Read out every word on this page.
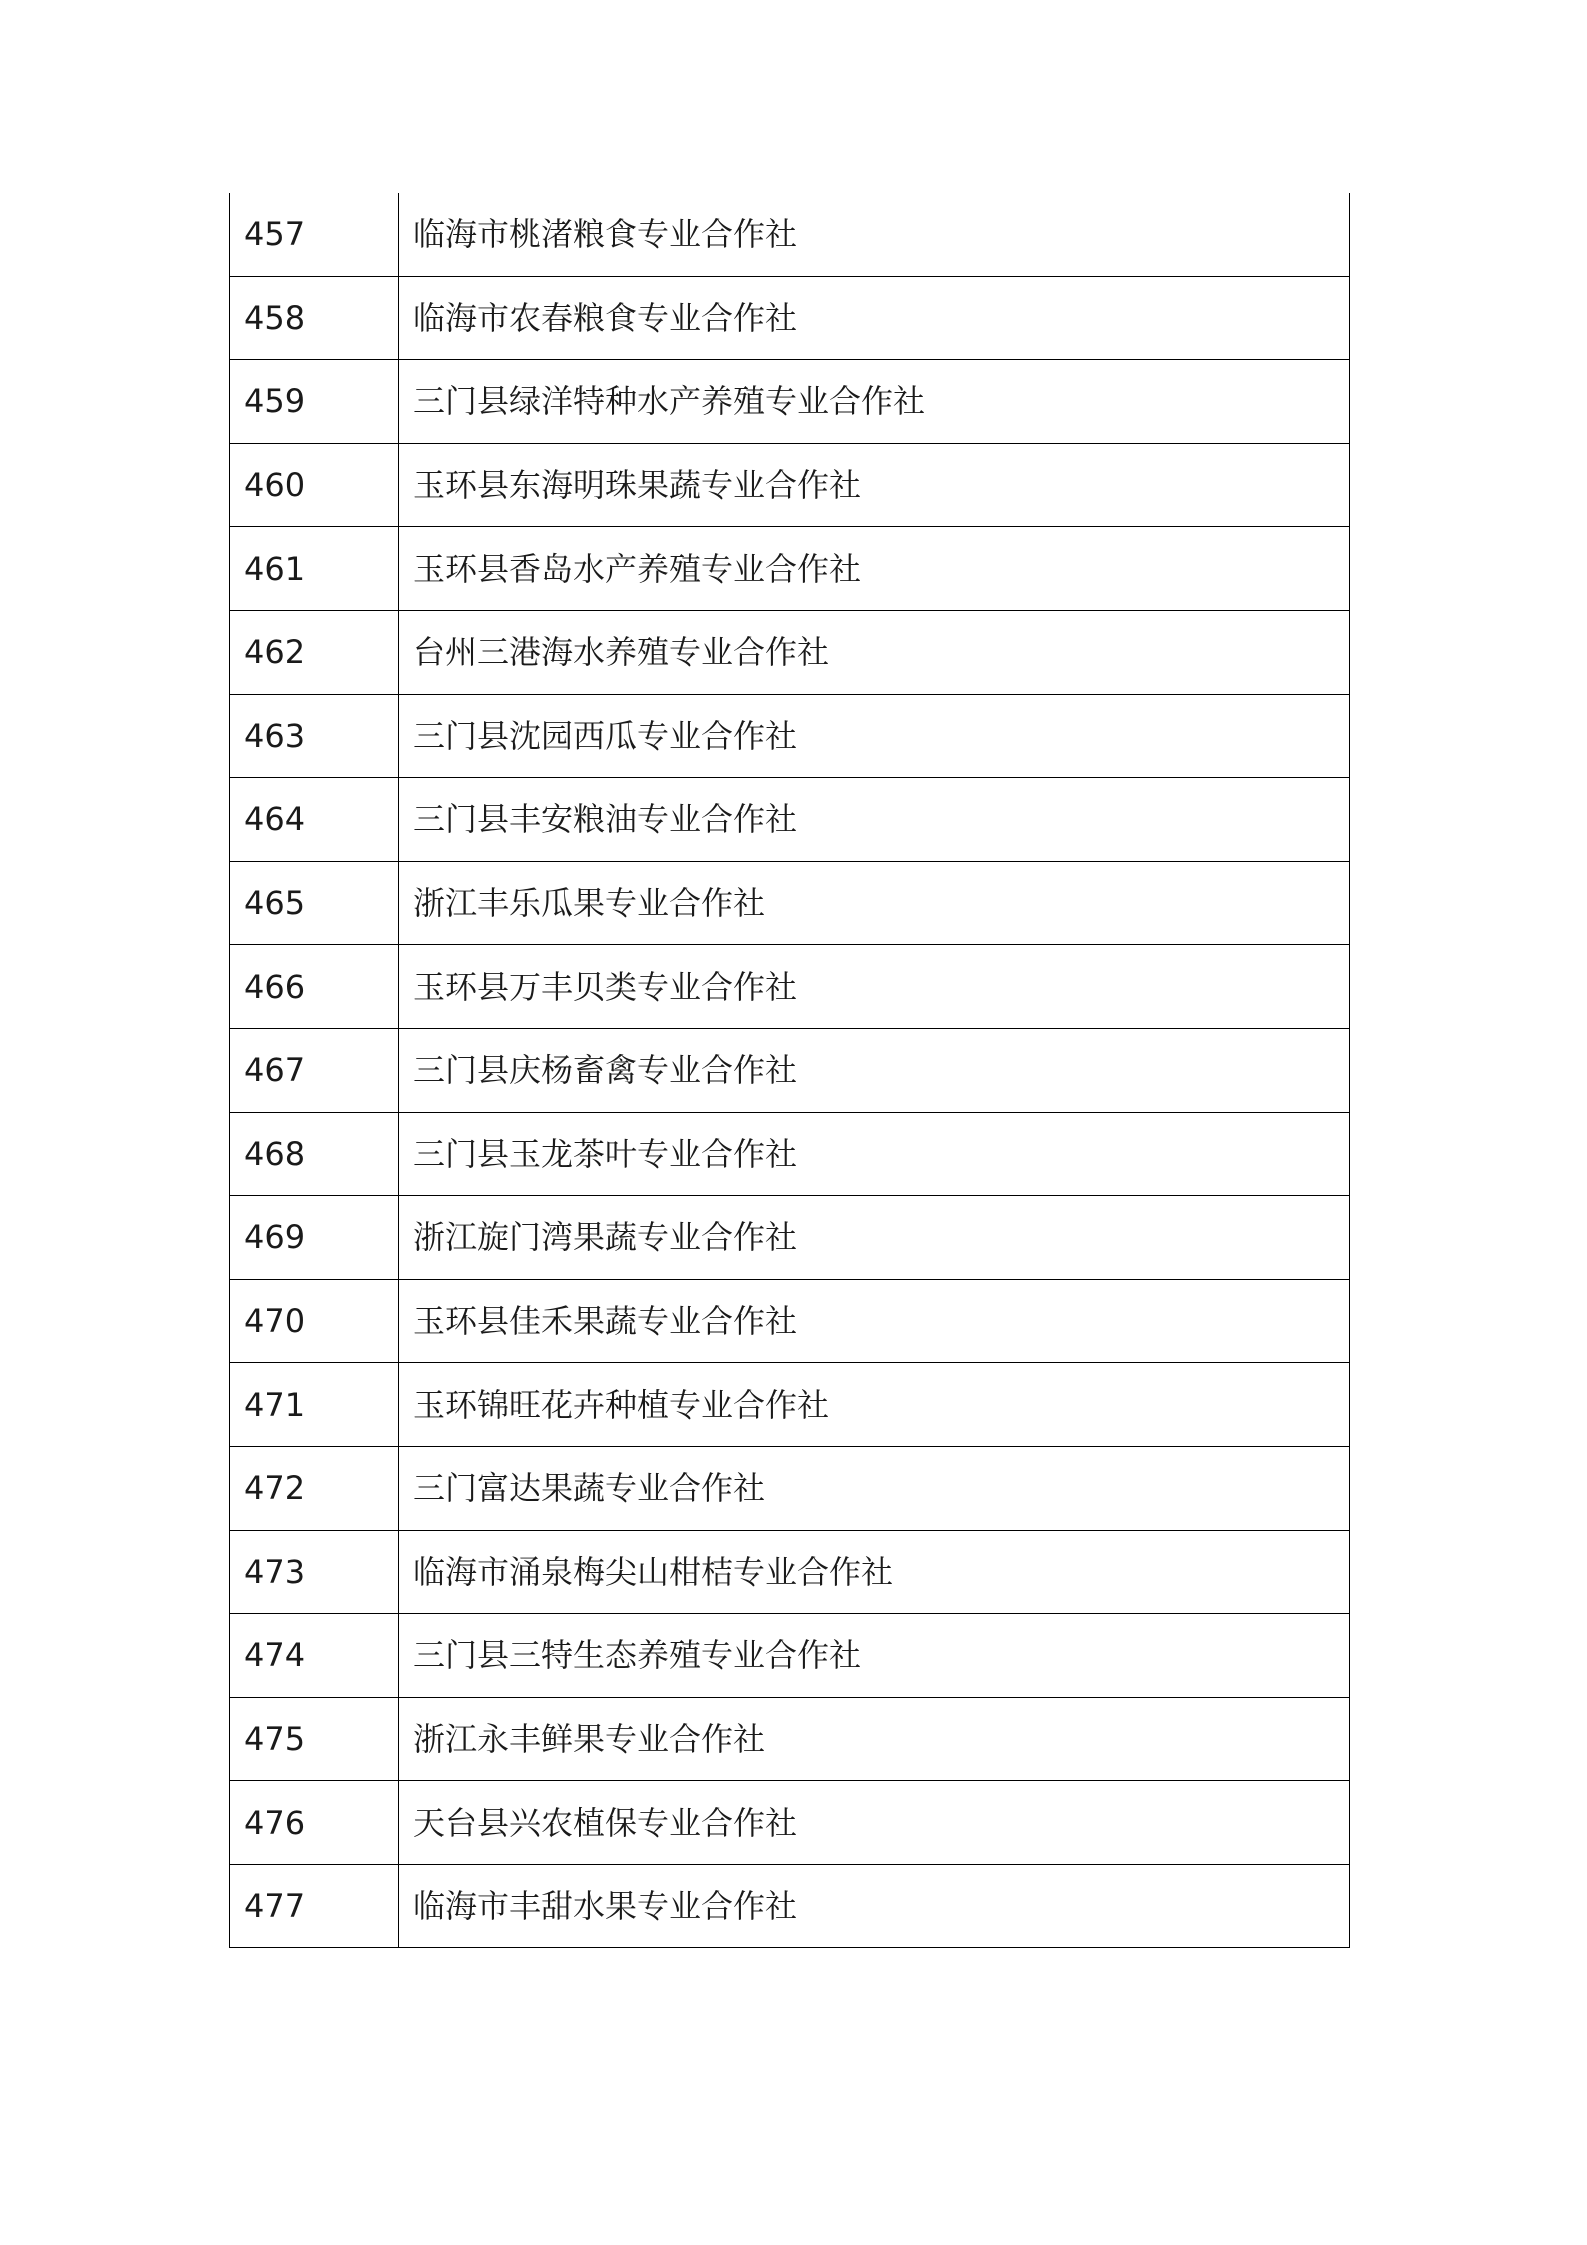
457	临海市桃渚粮食专业合作社
458	临海市农春粮食专业合作社
459	三门县绿洋特种水产养殖专业合作社
460	玉环县东海明珠果蔬专业合作社
461	玉环县香岛水产养殖专业合作社
462	台州三港海水养殖专业合作社
463	三门县沈园西瓜专业合作社
464	三门县丰安粮油专业合作社
465	浙江丰乐瓜果专业合作社
466	玉环县万丰贝类专业合作社
467	三门县庆杨畜禽专业合作社
468	三门县玉龙茶叶专业合作社
469	浙江旋门湾果蔬专业合作社
470	玉环县佳禾果蔬专业合作社
471	玉环锦旺花卉种植专业合作社
472	三门富达果蔬专业合作社
473	临海市涌泉梅尖山柑桔专业合作社
474	三门县三特生态养殖专业合作社
475	浙江永丰鲜果专业合作社
476	天台县兴农植保专业合作社
477	临海市丰甜水果专业合作社
